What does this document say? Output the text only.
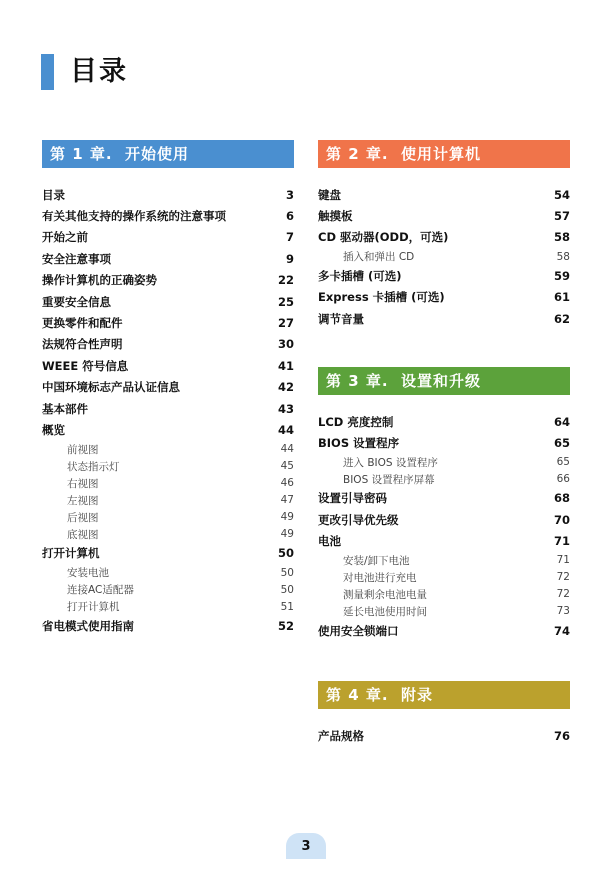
目录
第 1 章.  开始使用
目录	3
有关其他支持的操作系统的注意事项	6
开始之前	7
安全注意事项	9
操作计算机的正确姿势	22
重要安全信息	25
更换零件和配件	27
法规符合性声明	30
WEEE 符号信息	41
中国环境标志产品认证信息	42
基本部件	43
概览	44
前视图	44
状态指示灯	45
右视图	46
左视图	47
后视图	49
底视图	49
打开计算机	50
安装电池	50
连接AC适配器	50
打开计算机	51
省电模式使用指南	52
第 2 章.  使用计算机
键盘	54
触摸板	57
CD 驱动器(ODD，可选)	58
插入和弹出 CD	58
多卡插槽 (可选)	59
Express 卡插槽 (可选)	61
调节音量	62
第 3 章.  设置和升级
LCD 亮度控制	64
BIOS 设置程序	65
进入 BIOS 设置程序	65
BIOS 设置程序屏幕	66
设置引导密码	68
更改引导优先级	70
电池	71
安装/卸下电池	71
对电池进行充电	72
测量剩余电池电量	72
延长电池使用时间	73
使用安全锁端口	74
第 4 章.  附录
产品规格	76
3
